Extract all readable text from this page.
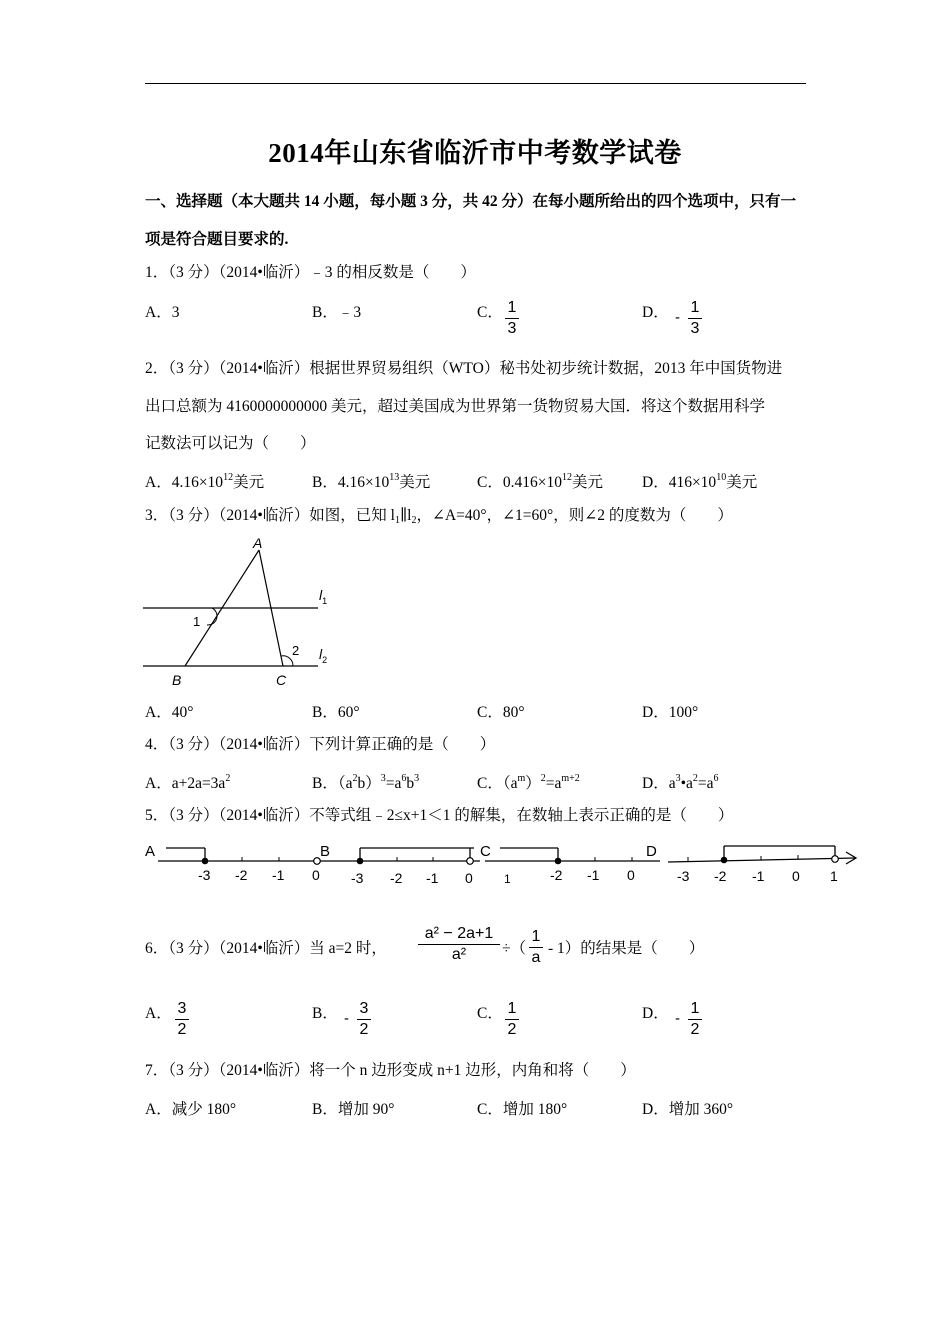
2014年山东省临沂市中考数学试卷
一、选择题（本大题共 14 小题，每小题 3 分，共 42 分）在每小题所给出的四个选项中，只有一
项是符合题目要求的.
1．（3 分）（2014•临沂）﹣3 的相反数是（　　）
A．3	B．﹣3	C． 1
3
D． -
1
3
2．（3 分）（2014•临沂）根据世界贸易组织（WTO）秘书处初步统计数据，2013 年中国货物进
出口总额为 4160000000000 美元，超过美国成为世界第一货物贸易大国．将这个数据用科学
记数法可以记为（　　）
A．$4.16\times 10^{12}$美元	B．$4.16\times 10^{13}$美元	C．$0.416\times 10^{12}$美元	D．$416\times 10^{10}$美元
3．（3 分）（2014•临沂）如图，已知 l1∥l2，∠A=40°，∠1=60°，则∠2 的度数为（　　）
A
B	C
1
2
$l_1$
$l_2$
A．40°	B．60°	C．80°	D．100°
4．（3 分）（2014•临沂）下列计算正确的是（　　）
A．$a+2a=3a^2$	B．$(a^2b)^3=a^6b^3$	C．$(a^m)^2=a^{m+2}$	D．$a^3•a^2=a^6$
5．（3 分）（2014•临沂）不等式组﹣2≤x+1＜1 的解集，在数轴上表示正确的是（　　）
A	B	C	D
-3 -2 -1 0 -3 -2 -1 0	1	-2 -1 0	-3 -2 -1 0 1
6．（3 分）（2014•临沂）当 a=2 时，
a² − 2a+1
a²	÷（
1
a
- 1）的结果是（　　）
A． 3
2
B． -
3
2
C． 1
2
D． -
1
2
7．（3 分）（2014•临沂）将一个 n 边形变成 n+1 边形，内角和将（　　）
A．减少 180°	B．增加 90°	C．增加 180°	D．增加 360°
